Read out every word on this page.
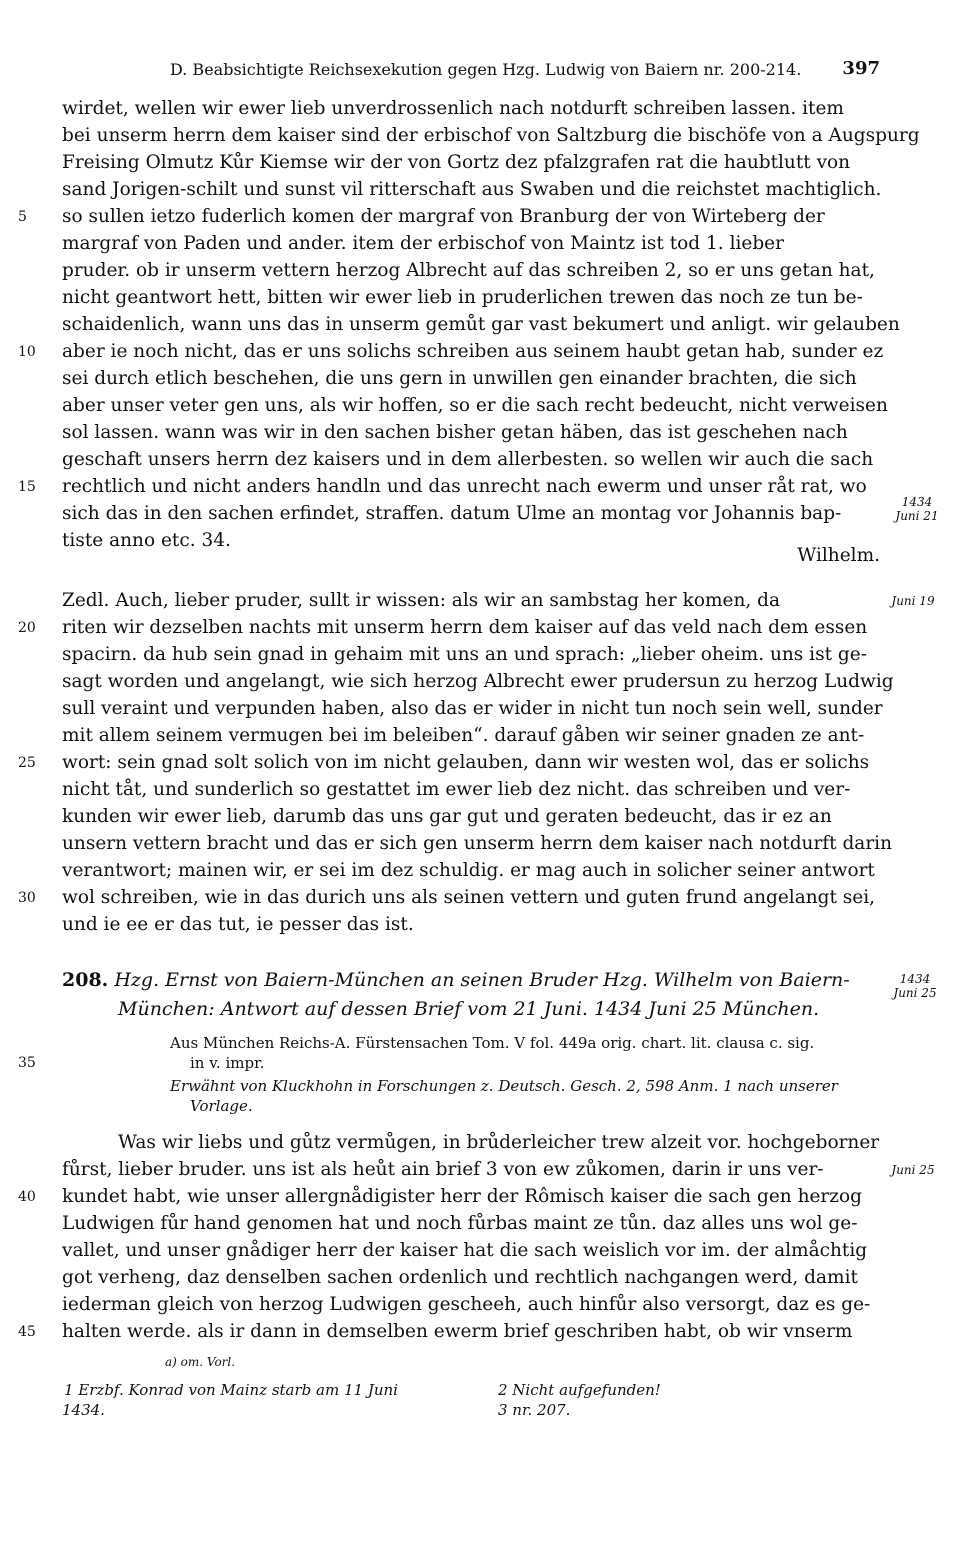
D. Beabsichtigte Reichsexekution gegen Hzg. Ludwig von Baiern nr. 200-214. 397
wirdet, wellen wir ewer lieb unverdrossenlich nach notdurft schreiben lassen. item
bei unserm herrn dem kaiser sind der erbischof von Saltzburg die bischöfe von a Augspurg
Freising Olmutz Kůr Kiemse wir der von Gortz dez pfalzgrafen rat die haubtlutt von
sand Jorigen-schilt und sunst vil ritterschaft aus Swaben und die reichstet machtiglich.
so sullen ietzo fuderlich komen der margraf von Branburg der von Wirteberg der
margraf von Paden und ander. item der erbischof von Maintz ist tod 1. lieber
pruder. ob ir unserm vettern herzog Albrecht auf das schreiben 2, so er uns getan hat,
nicht geantwort hett, bitten wir ewer lieb in pruderlichen trewen das noch ze tun be-
schaidenlich, wann uns das in unserm gemůt gar vast bekumert und anligt. wir gelauben
aber ie noch nicht, das er uns solichs schreiben aus seinem haubt getan hab, sunder ez
sei durch etlich beschehen, die uns gern in unwillen gen einander brachten, die sich
aber unser veter gen uns, als wir hoffen, so er die sach recht bedeucht, nicht verweisen
sol lassen. wann was wir in den sachen bisher getan häben, das ist geschehen nach
geschaft unsers herrn dez kaisers und in dem allerbesten. so wellen wir auch die sach
rechtlich und nicht anders handln und das unrecht nach ewerm und unser råt rat, wo
sich das in den sachen erfindet, straffen. datum Ulme an montag vor Johannis bap-
tiste anno etc. 34.
Wilhelm.
Zedl. Auch, lieber pruder, sullt ir wissen: als wir an sambstag her komen, da
riten wir dezselben nachts mit unserm herrn dem kaiser auf das veld nach dem essen
spacirn. da hub sein gnad in gehaim mit uns an und sprach: „lieber oheim. uns ist ge-
sagt worden und angelangt, wie sich herzog Albrecht ewer prudersun zu herzog Ludwig
sull veraint und verpunden haben, also das er wider in nicht tun noch sein well, sunder
mit allem seinem vermugen bei im beleiben“. darauf gåben wir seiner gnaden ze ant-
wort: sein gnad solt solich von im nicht gelauben, dann wir westen wol, das er solichs
nicht tåt, und sunderlich so gestattet im ewer lieb dez nicht. das schreiben und ver-
kunden wir ewer lieb, darumb das uns gar gut und geraten bedeucht, das ir ez an
unsern vettern bracht und das er sich gen unserm herrn dem kaiser nach notdurft darin
verantwort; mainen wir, er sei im dez schuldig. er mag auch in solicher seiner antwort
wol schreiben, wie in das durich uns als seinen vettern und guten frund angelangt sei,
und ie ee er das tut, ie pesser das ist.
208. Hzg. Ernst von Baiern-München an seinen Bruder Hzg. Wilhelm von Baiern-
München: Antwort auf dessen Brief vom 21 Juni. 1434 Juni 25 München.
Aus München Reichs-A. Fürstensachen Tom. V fol. 449a orig. chart. lit. clausa c. sig.
in v. impr.
Erwähnt von Kluckhohn in Forschungen z. Deutsch. Gesch. 2, 598 Anm. 1 nach unserer
Vorlage.
Was wir liebs und gůtz vermůgen, in brůderleicher trew alzeit vor. hochgeborner
fůrst, lieber bruder. uns ist als heůt ain brief 3 von ew zůkomen, darin ir uns ver-
kundet habt, wie unser allergnådigister herr der Rômisch kaiser die sach gen herzog
Ludwigen fůr hand genomen hat und noch fůrbas maint ze tůn. daz alles uns wol ge-
vallet, und unser gnådiger herr der kaiser hat die sach weislich vor im. der almåchtig
got verheng, daz denselben sachen ordenlich und rechtlich nachgangen werd, damit
iederman gleich von herzog Ludwigen gescheeh, auch hinfůr also versorgt, daz es ge-
halten werde. als ir dann in demselben ewerm brief geschriben habt, ob wir vnserm
5
10
15
20
25
30
35
40
45
1434
Juni 21
Juni 19
1434
Juni 25
Juni 25
a) om. Vorl.
1 Erzbf. Konrad von Mainz starb am 11 Juni
1434.
2 Nicht aufgefunden!
3 nr. 207.
